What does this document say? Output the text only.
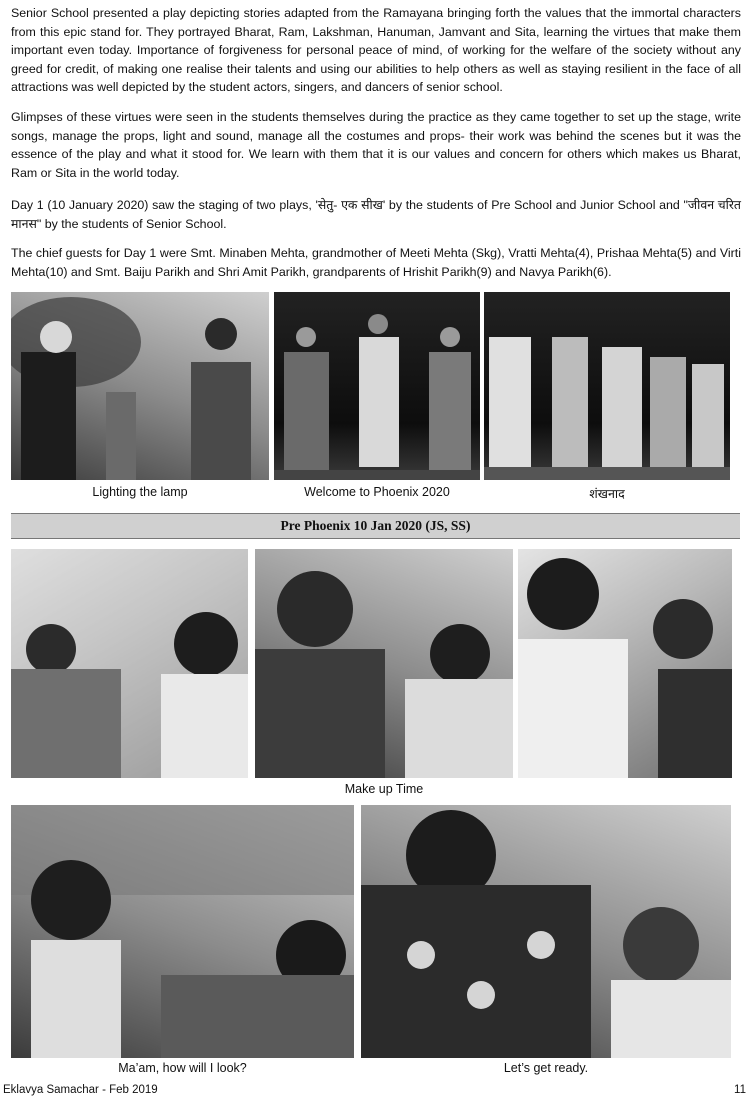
Senior School presented a play depicting stories adapted from the Ramayana bringing forth the values that the immortal characters from this epic stand for. They portrayed Bharat, Ram, Lakshman, Hanuman, Jamvant and Sita, learning the virtues that make them important even today. Importance of forgiveness for personal peace of mind, of working for the welfare of the society without any greed for credit, of making one realise their talents and using our abilities to help others as well as staying resilient in the face of all attractions was well depicted by the student actors, singers, and dancers of senior school.

Glimpses of these virtues were seen in the students themselves during the practice as they came together to set up the stage, write songs, manage the props, light and sound, manage all the costumes and props- their work was behind the scenes but it was the essence of the play and what it stood for. We learn with them that it is our values and concern for others which makes us Bharat, Ram or Sita in the world today.

Day 1 (10 January 2020) saw the staging of two plays, 'सेतु- एक सीख' by the students of Pre School and Junior School and "जीवन चरित मानस" by the students of Senior School.

The chief guests for Day 1 were Smt. Minaben Mehta, grandmother of Meeti Mehta (Skg), Vratti Mehta(4), Prishaa Mehta(5) and Virti Mehta(10) and Smt. Baiju Parikh and Shri Amit Parikh, grandparents of Hrishit Parikh(9) and Navya Parikh(6).

Lighting the lamp	Welcome to Phoenix 2020	शंखनाद
Pre Phoenix 10 Jan 2020 (JS, SS)
Make up Time
Ma’am, how will I look?	Let’s get ready.
Eklavya Samachar - Feb 2019	11
